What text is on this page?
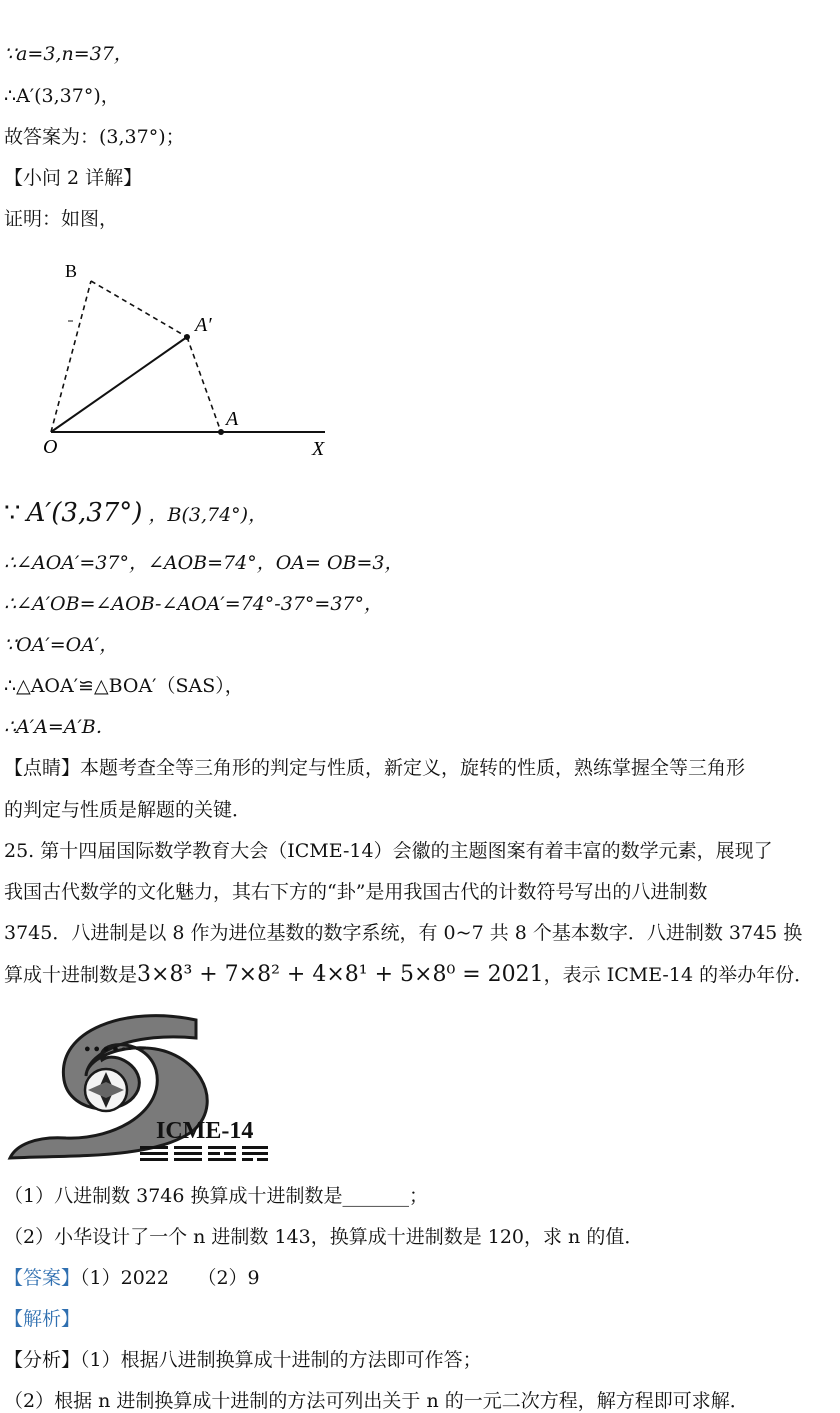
∵a=3,n=37，
∴A′(3,37°)，
故答案为：(3,37°)；
【小问 2 详解】
证明：如图，
B
A′
A
O	X
∵ A′(3,37°) ，B(3,74°)，
∴∠AOA′=37°，∠AOB=74°，OA= OB=3，
∴∠A′OB=∠AOB-∠AOA′=74°-37°=37°，
∵OA′=OA′，
∴△AOA′≌△BOA′（SAS），
∴A′A=A′B．
【点睛】本题考查全等三角形的判定与性质，新定义，旋转的性质，熟练掌握全等三角形
的判定与性质是解题的关键．
25. 第十四届国际数学教育大会（ICME-14）会徽的主题图案有着丰富的数学元素，展现了
我国古代数学的文化魅力，其右下方的“卦”是用我国古代的计数符号写出的八进制数
3745．八进制是以 8 作为进位基数的数字系统，有 0~7 共 8 个基本数字．八进制数 3745 换
算成十进制数是3×8³ + 7×8² + 4×8¹ + 5×8⁰ = 2021，表示 ICME-14 的举办年份．
● ● ● ● ◦ ◦ ◦ ◦
ICME-14
（1）八进制数 3746 换算成十进制数是_______；
（2）小华设计了一个 n 进制数 143，换算成十进制数是 120，求 n 的值．
【答案】（1）2022　　（2）9
【解析】
【分析】（1）根据八进制换算成十进制的方法即可作答；
（2）根据 n 进制换算成十进制的方法可列出关于 n 的一元二次方程，解方程即可求解．
